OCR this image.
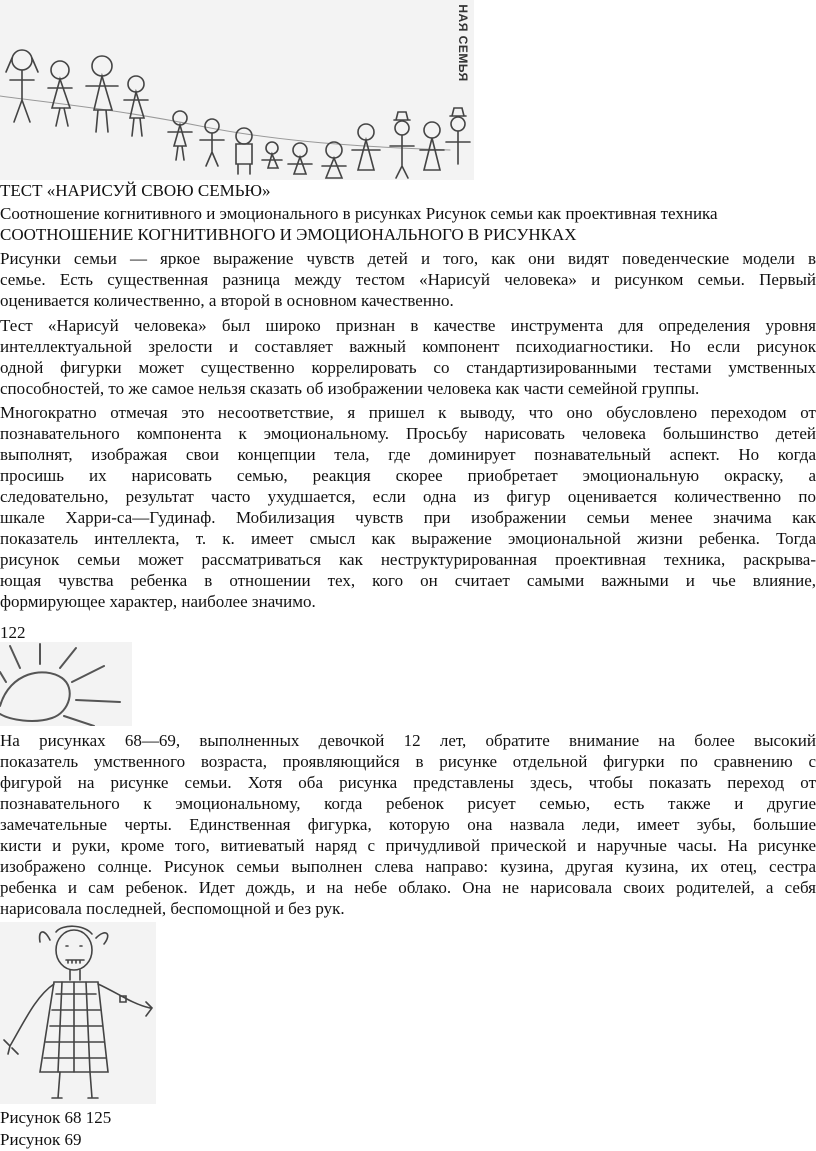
НАЯ СЕМЬЯ
ТЕСТ «НАРИСУЙ СВОЮ СЕМЬЮ»
Соотношение когнитивного и эмоционального в рисунках Рисунок семьи как проективная техника
СООТНОШЕНИЕ КОГНИТИВНОГО И ЭМОЦИОНАЛЬНОГО В РИСУНКАХ
Рисунки семьи — яркое выражение чувств детей и того, как они видят поведенческие модели в
семье. Есть существенная разница между тестом «Нарисуй человека» и рисунком семьи. Первый
оценивается количественно, а второй в основном качественно.
Тест «Нарисуй человека» был широко признан в качестве инструмента для определения уровня
интеллектуальной зрелости и составляет важный компонент психодиагностики. Но если рисунок
одной фигурки может существенно коррелировать со стандартизированными тестами умственных
способностей, то же самое нельзя сказать об изображении человека как части семейной группы.
Многократно отмечая это несоответствие, я пришел к выводу, что оно обусловлено переходом от
познавательного компонента к эмоциональному. Просьбу нарисовать человека большинство детей
выполнят, изображая свои концепции тела, где доминирует познавательный аспект. Но когда
просишь их нарисовать семью, реакция скорее приобретает эмоциональную окраску, а
следовательно, результат часто ухудшается, если одна из фигур оценивается количественно по
шкале Харри-са—Гудинаф. Мобилизация чувств при изображении семьи менее значима как
показатель интеллекта, т. к. имеет смысл как выражение эмоциональной жизни ребенка. Тогда
рисунок семьи может рассматриваться как неструктурированная проективная техника, раскрыва-
ющая чувства ребенка в отношении тех, кого он считает самыми важными и чье влияние,
формирующее характер, наиболее значимо.
122
На рисунках 68—69, выполненных девочкой 12 лет, обратите внимание на более высокий
показатель умственного возраста, проявляющийся в рисунке отдельной фигурки по сравнению с
фигурой на рисунке семьи. Хотя оба рисунка представлены здесь, чтобы показать переход от
познавательного к эмоциональному, когда ребенок рисует семью, есть также и другие
замечательные черты. Единственная фигурка, которую она назвала леди, имеет зубы, большие
кисти и руки, кроме того, витиеватый наряд с причудливой прической и наручные часы. На рисунке
изображено солнце. Рисунок семьи выполнен слева направо: кузина, другая кузина, их отец, сестра
ребенка и сам ребенок. Идет дождь, и на небе облако. Она не нарисовала своих родителей, а себя
нарисовала последней, беспомощной и без рук.
Рисунок 68 125
Рисунок 69
